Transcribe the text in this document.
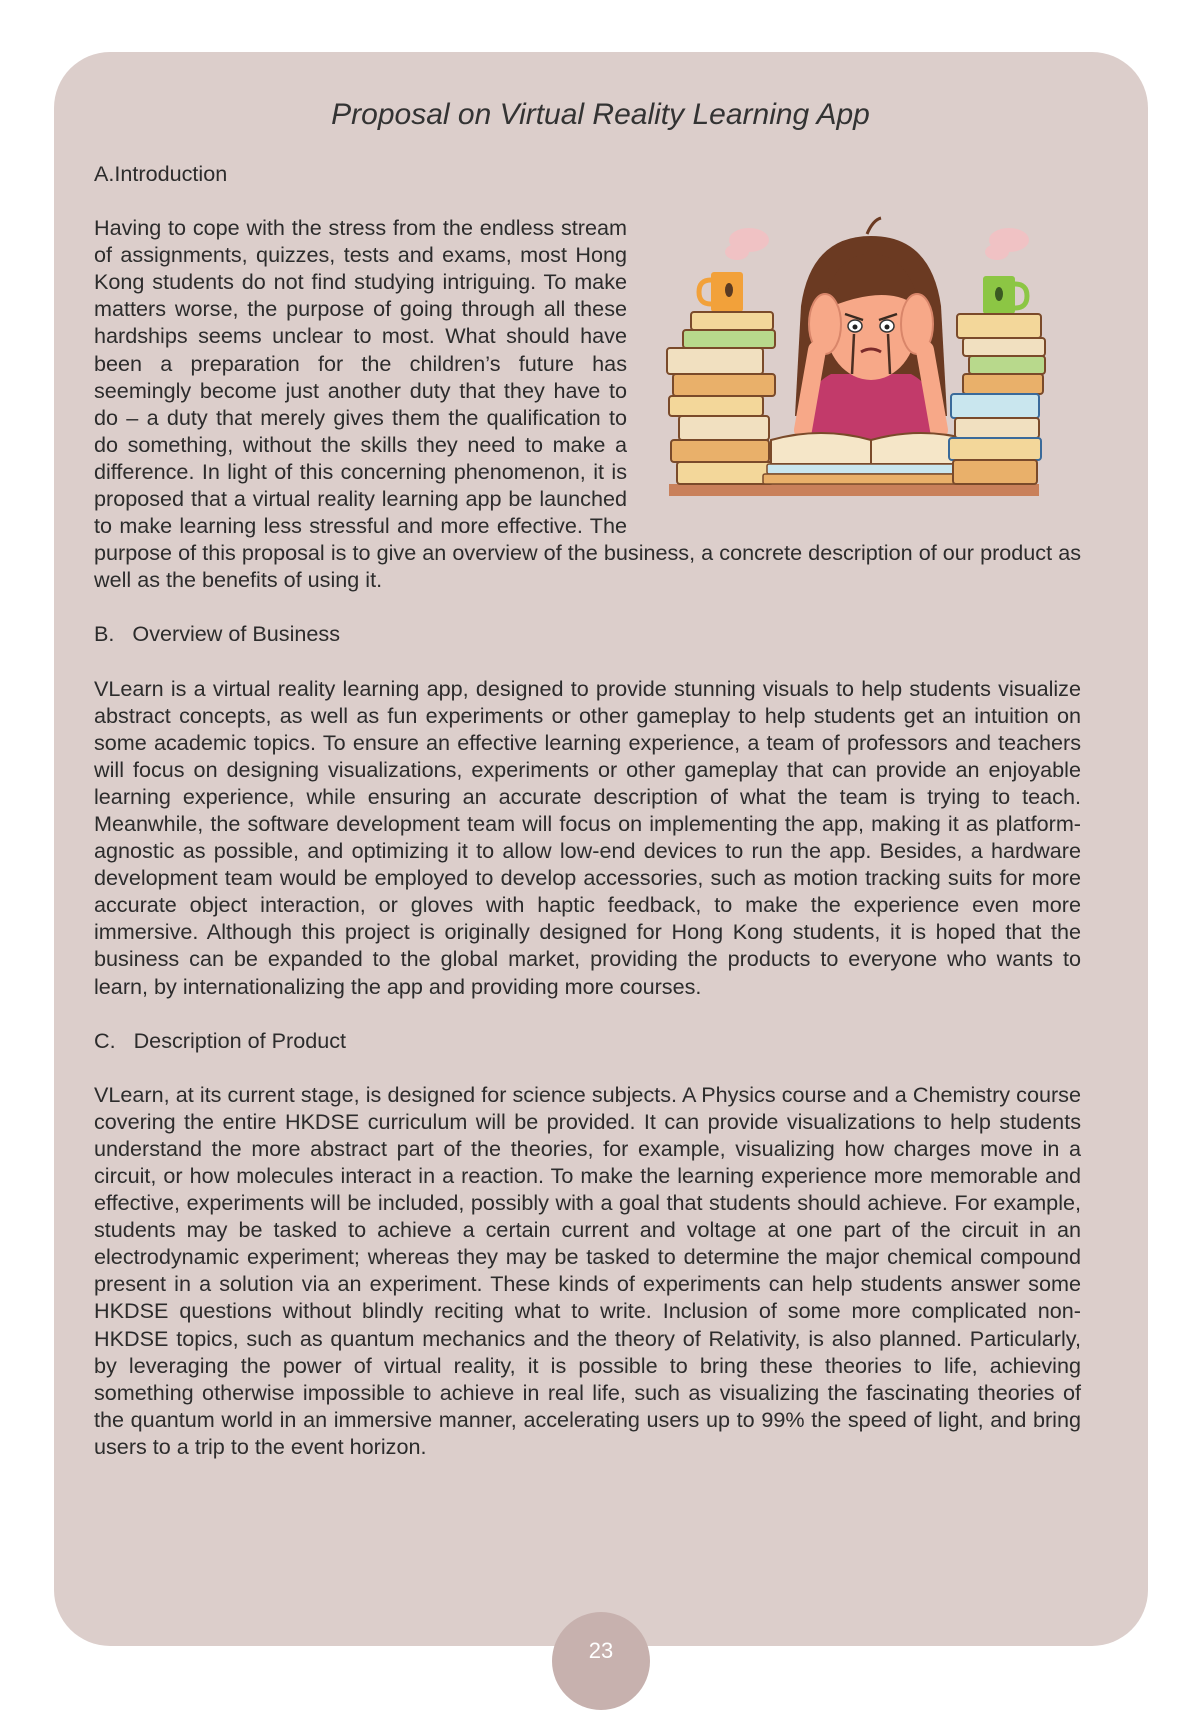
Proposal on Virtual Reality Learning App

A.Introduction

Having to cope with the stress from the endless stream of assignments, quizzes, tests and exams, most Hong Kong students do not find studying intriguing. To make matters worse, the purpose of going through all these hardships seems unclear to most. What should have been a preparation for the children’s future has seemingly become just another duty that they have to do – a duty that merely gives them the qualification to do something, without the skills they need to make a difference. In light of this concerning phenomenon, it is proposed that a virtual reality learning app be launched to make learning less stressful and more effective. The purpose of this proposal is to give an overview of the business, a concrete description of our product as well as the benefits of using it.

B.   Overview of Business

VLearn is a virtual reality learning app, designed to provide stunning visuals to help students visualize abstract concepts, as well as fun experiments or other gameplay to help students get an intuition on some academic topics. To ensure an effective learning experience, a team of professors and teachers will focus on designing visualizations, experiments or other gameplay that can provide an enjoyable learning experience, while ensuring an accurate description of what the team is trying to teach. Meanwhile, the software development team will focus on implementing the app, making it as platform-agnostic as possible, and optimizing it to allow low-end devices to run the app. Besides, a hardware development team would be employed to develop accessories, such as motion tracking suits for more accurate object interaction, or gloves with haptic feedback, to make the experience even more immersive. Although this project is originally designed for Hong Kong students, it is hoped that the business can be expanded to the global market, providing the products to everyone who wants to learn, by internationalizing the app and providing more courses.

C.   Description of Product

VLearn, at its current stage, is designed for science subjects. A Physics course and a Chemistry course covering the entire HKDSE curriculum will be provided. It can provide visualizations to help students understand the more abstract part of the theories, for example, visualizing how charges move in a circuit, or how molecules interact in a reaction. To make the learning experience more memorable and effective, experiments will be included, possibly with a goal that students should achieve. For example, students may be tasked to achieve a certain current and voltage at one part of the circuit in an electrodynamic experiment; whereas they may be tasked to determine the major chemical compound present in a solution via an experiment. These kinds of experiments can help students answer some HKDSE questions without blindly reciting what to write. Inclusion of some more complicated non-HKDSE topics, such as quantum mechanics and the theory of Relativity, is also planned. Particularly, by leveraging the power of virtual reality, it is possible to bring these theories to life, achieving something otherwise impossible to achieve in real life, such as visualizing the fascinating theories of the quantum world in an immersive manner, accelerating users up to 99% the speed of light, and bring users to a trip to the event horizon.

23
